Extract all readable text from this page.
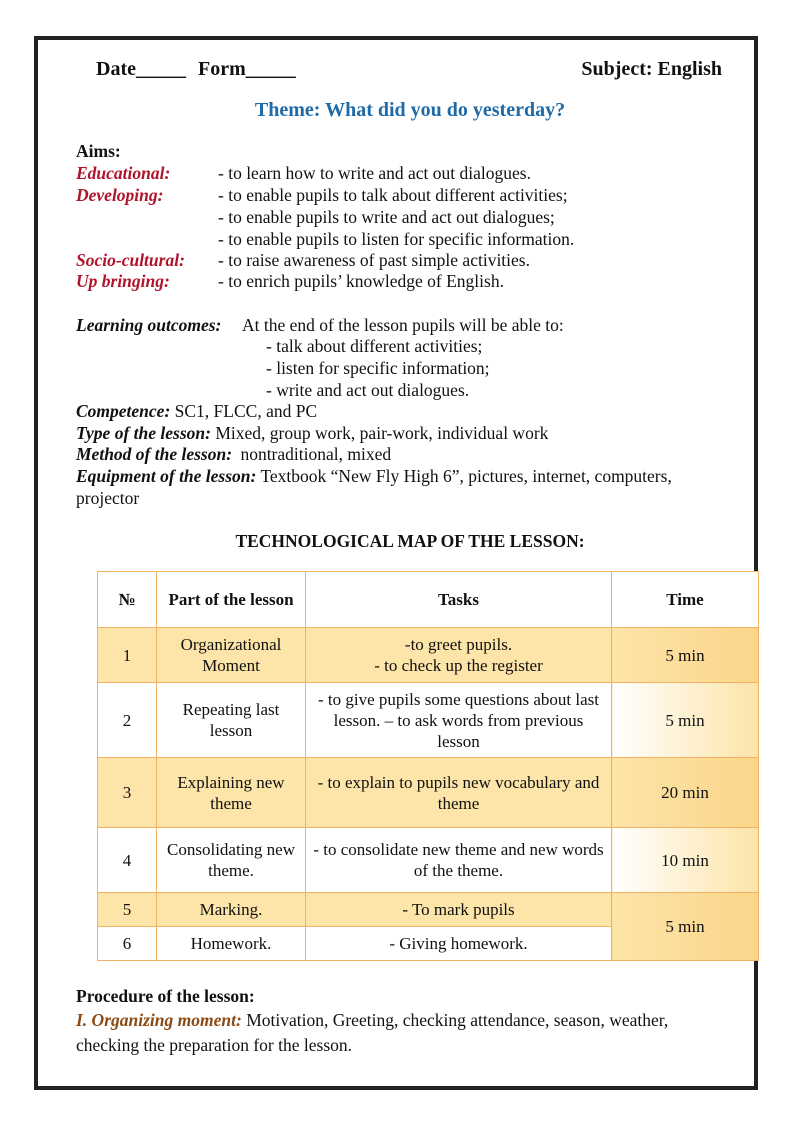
Date_____ Form_____	Subject: English
Theme: What did you do yesterday?
Aims:
Educational:	- to learn how to write and act out dialogues.
Developing:	- to enable pupils to talk about different activities;
- to enable pupils to write and act out dialogues;
- to enable pupils to listen for specific information.
Socio-cultural: - to raise awareness of past simple activities.
Up bringing:	- to enrich pupils’ knowledge of English.
Learning outcomes: At the end of the lesson pupils will be able to:
- talk about different activities;
- listen for specific information;
- write and act out dialogues.
Competence: SC1, FLCC, and PC
Type of the lesson: Mixed, group work, pair-work, individual work
Method of the lesson: nontraditional, mixed
Equipment of the lesson: Textbook “New Fly High 6”, pictures, internet, computers,
projector
TECHNOLOGICAL MAP OF THE LESSON:
№	Part of the lesson	Tasks	Time
1	Organizational Moment	-to greet pupils.
- to check up the register	5 min
2	Repeating last lesson	- to give pupils some questions about last lesson. – to ask words from previous lesson	5 min
3	Explaining new theme	- to explain to pupils new vocabulary and theme	20 min
4	Consolidating new theme.	- to consolidate new theme and new words of the theme.	10 min
5	Marking.	- To mark pupils	5 min
6	Homework.	- Giving homework.	
Procedure of the lesson:
I. Organizing moment: Motivation, Greeting, checking attendance, season, weather,
checking the preparation for the lesson.
